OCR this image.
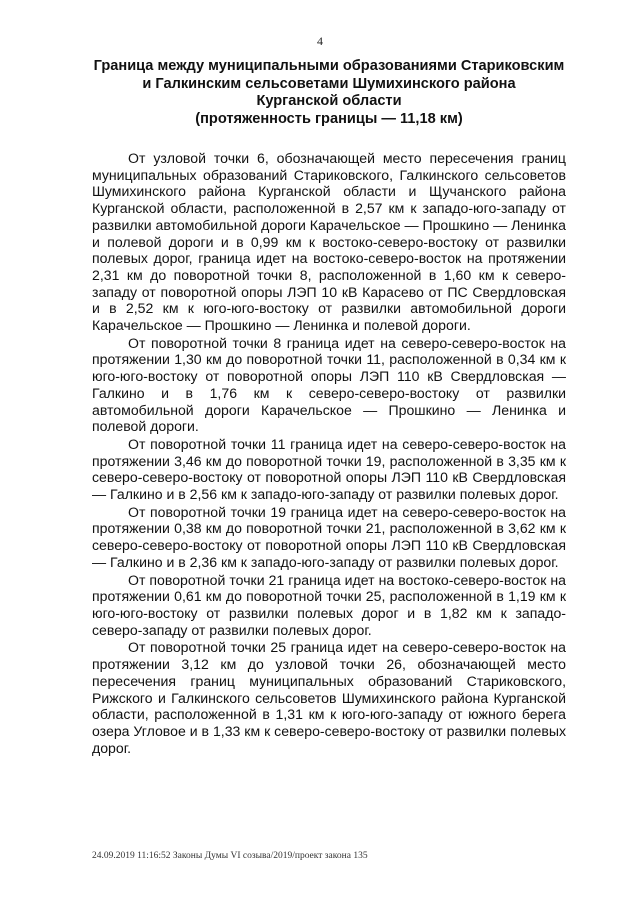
4
Граница между муниципальными образованиями Стариковским
и Галкинским сельсоветами Шумихинского района
Курганской области
(протяженность границы — 11,18 км)

От узловой точки 6, обозначающей место пересечения границ муниципальных образований Стариковского, Галкинского сельсоветов Шумихинского района Курганской области и Щучанского района Курганской области, расположенной в 2,57 км к западо-юго-западу от развилки автомобильной дороги Карачельское — Прошкино — Ленинка и полевой дороги и в 0,99 км к востоко-северо-востоку от развилки полевых дорог, граница идет на востоко-северо-восток на протяжении 2,31 км до поворотной точки 8, расположенной в 1,60 км к северо-западу от поворотной опоры ЛЭП 10 кВ Карасево от ПС Свердловская и в 2,52 км к юго-юго-востоку от развилки автомобильной дороги Карачельское — Прошкино — Ленинка и полевой дороги.

От поворотной точки 8 граница идет на северо-северо-восток на протяжении 1,30 км до поворотной точки 11, расположенной в 0,34 км к юго-юго-востоку от поворотной опоры ЛЭП 110 кВ Свердловская — Галкино и в 1,76 км к северо-северо-востоку от развилки автомобильной дороги Карачельское — Прошкино — Ленинка и полевой дороги.

От поворотной точки 11 граница идет на северо-северо-восток на протяжении 3,46 км до поворотной точки 19, расположенной в 3,35 км к северо-северо-востоку от поворотной опоры ЛЭП 110 кВ Свердловская — Галкино и в 2,56 км к западо-юго-западу от развилки полевых дорог.

От поворотной точки 19 граница идет на северо-северо-восток на протяжении 0,38 км до поворотной точки 21, расположенной в 3,62 км к северо-северо-востоку от поворотной опоры ЛЭП 110 кВ Свердловская — Галкино и в 2,36 км к западо-юго-западу от развилки полевых дорог.

От поворотной точки 21 граница идет на востоко-северо-восток на протяжении 0,61 км до поворотной точки 25, расположенной в 1,19 км к юго-юго-востоку от развилки полевых дорог и в 1,82 км к западо-северо-западу от развилки полевых дорог.

От поворотной точки 25 граница идет на северо-северо-восток на протяжении 3,12 км до узловой точки 26, обозначающей место пересечения границ муниципальных образований Стариковского, Рижского и Галкинского сельсоветов Шумихинского района Курганской области, расположенной в 1,31 км к юго-юго-западу от южного берега озера Угловое и в 1,33 км к северо-северо-востоку от развилки полевых дорог.

24.09.2019 11:16:52 Законы Думы VI созыва/2019/проект закона 135
